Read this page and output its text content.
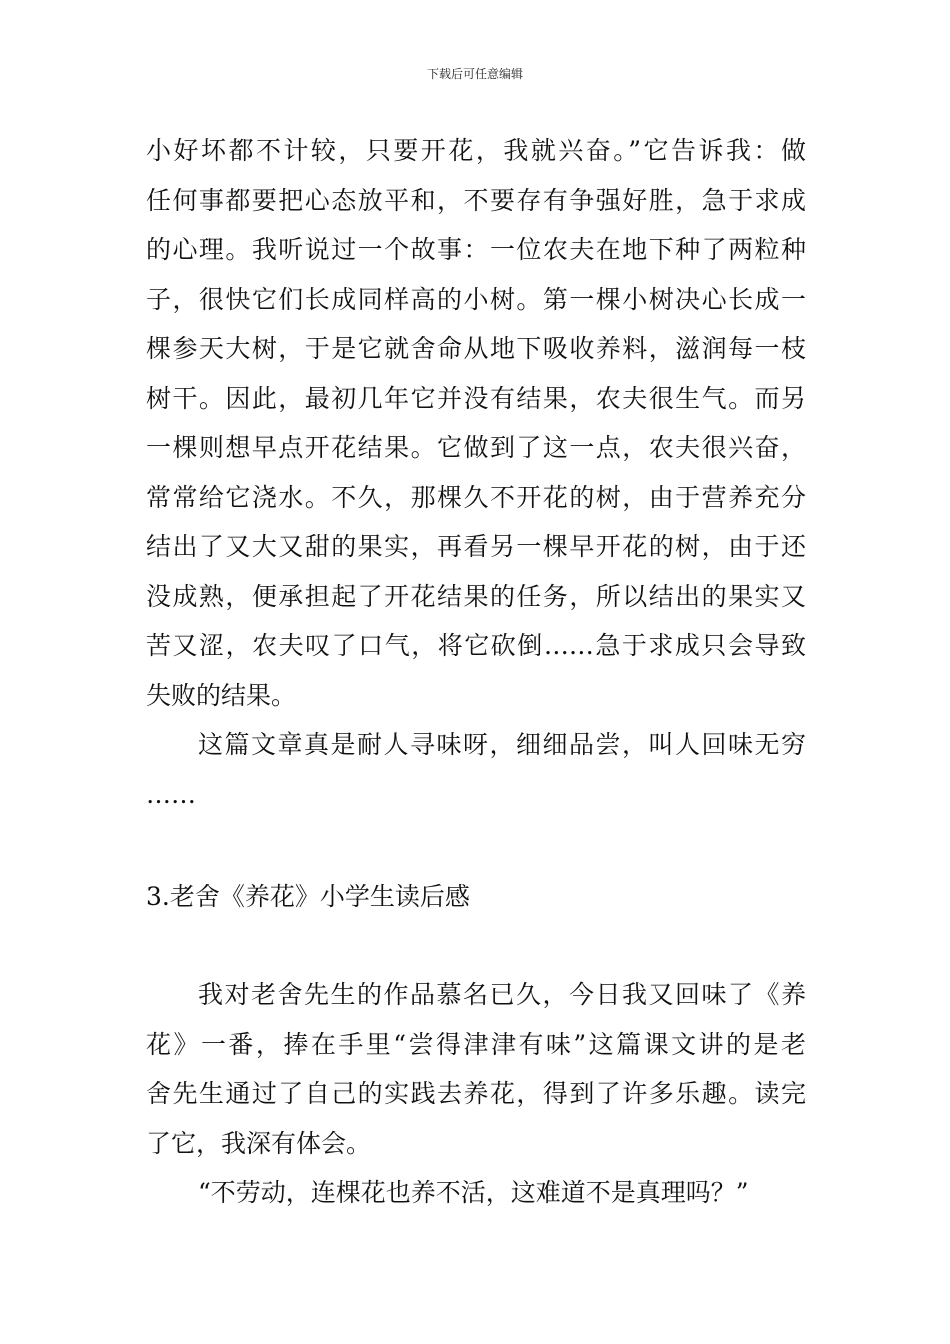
下载后可任意编辑
小好坏都不计较，只要开花，我就兴奋。”它告诉我：做
任何事都要把心态放平和，不要存有争强好胜，急于求成
的心理。我听说过一个故事：一位农夫在地下种了两粒种
子，很快它们长成同样高的小树。第一棵小树决心长成一
棵参天大树，于是它就舍命从地下吸收养料，滋润每一枝
树干。因此，最初几年它并没有结果，农夫很生气。而另
一棵则想早点开花结果。它做到了这一点，农夫很兴奋，
常常给它浇水。不久，那棵久不开花的树，由于营养充分
结出了又大又甜的果实，再看另一棵早开花的树，由于还
没成熟，便承担起了开花结果的任务，所以结出的果实又
苦又涩，农夫叹了口气，将它砍倒……急于求成只会导致
失败的结果。
这篇文章真是耐人寻味呀，细细品尝，叫人回味无穷
……
3.老舍《养花》小学生读后感
我对老舍先生的作品慕名已久，今日我又回味了《养
花》一番，捧在手里“尝得津津有味”这篇课文讲的是老
舍先生通过了自己的实践去养花，得到了许多乐趣。读完
了它，我深有体会。
“不劳动，连棵花也养不活，这难道不是真理吗？”
